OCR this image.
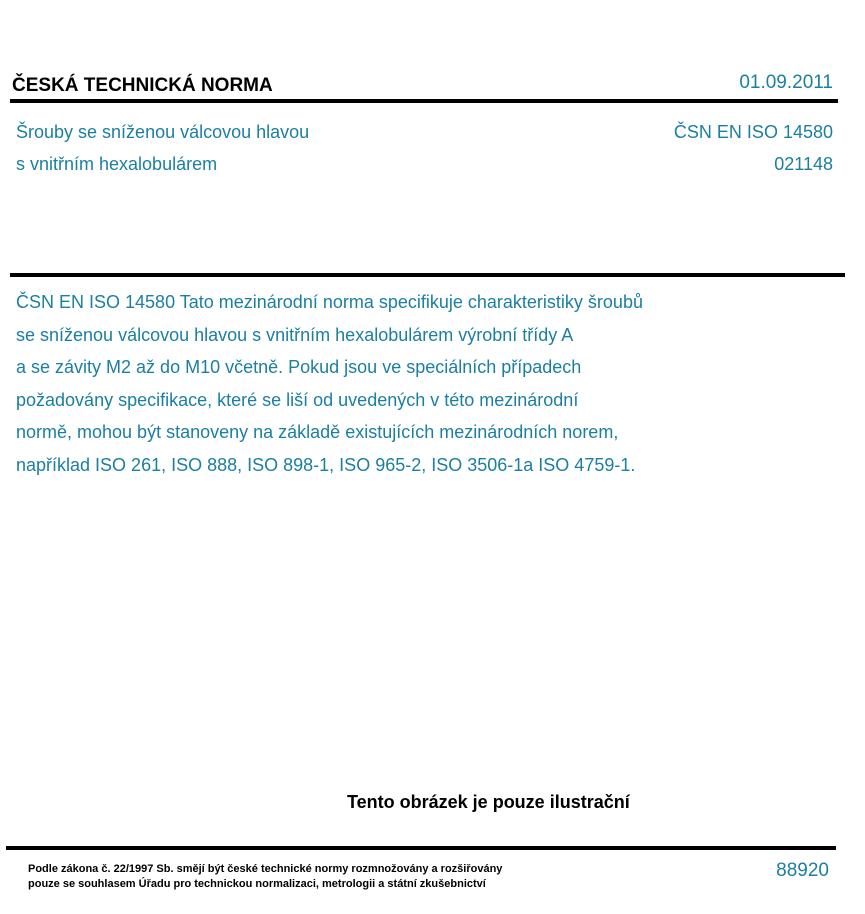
ČESKÁ TECHNICKÁ NORMA	01.09.2011
Šrouby se sníženou válcovou hlavou
s vnitřním hexalobulárem
ČSN EN ISO 14580
021148
ČSN EN ISO 14580 Tato mezinárodní norma specifikuje charakteristiky šroubů
se sníženou válcovou hlavou s vnitřním hexalobulárem výrobní třídy A
a se závity M2 až do M10 včetně. Pokud jsou ve speciálních případech
požadovány specifikace, které se liší od uvedených v této mezinárodní
normě, mohou být stanoveny na základě existujících mezinárodních norem,
například ISO 261, ISO 888, ISO 898-1, ISO 965-2, ISO 3506-1a ISO 4759-1.
Tento obrázek je pouze ilustrační
Podle zákona č. 22/1997 Sb. smějí být české technické normy rozmnožovány a rozšiřovány
pouze se souhlasem Úřadu pro technickou normalizaci, metrologii a státní zkušebnictví
88920
